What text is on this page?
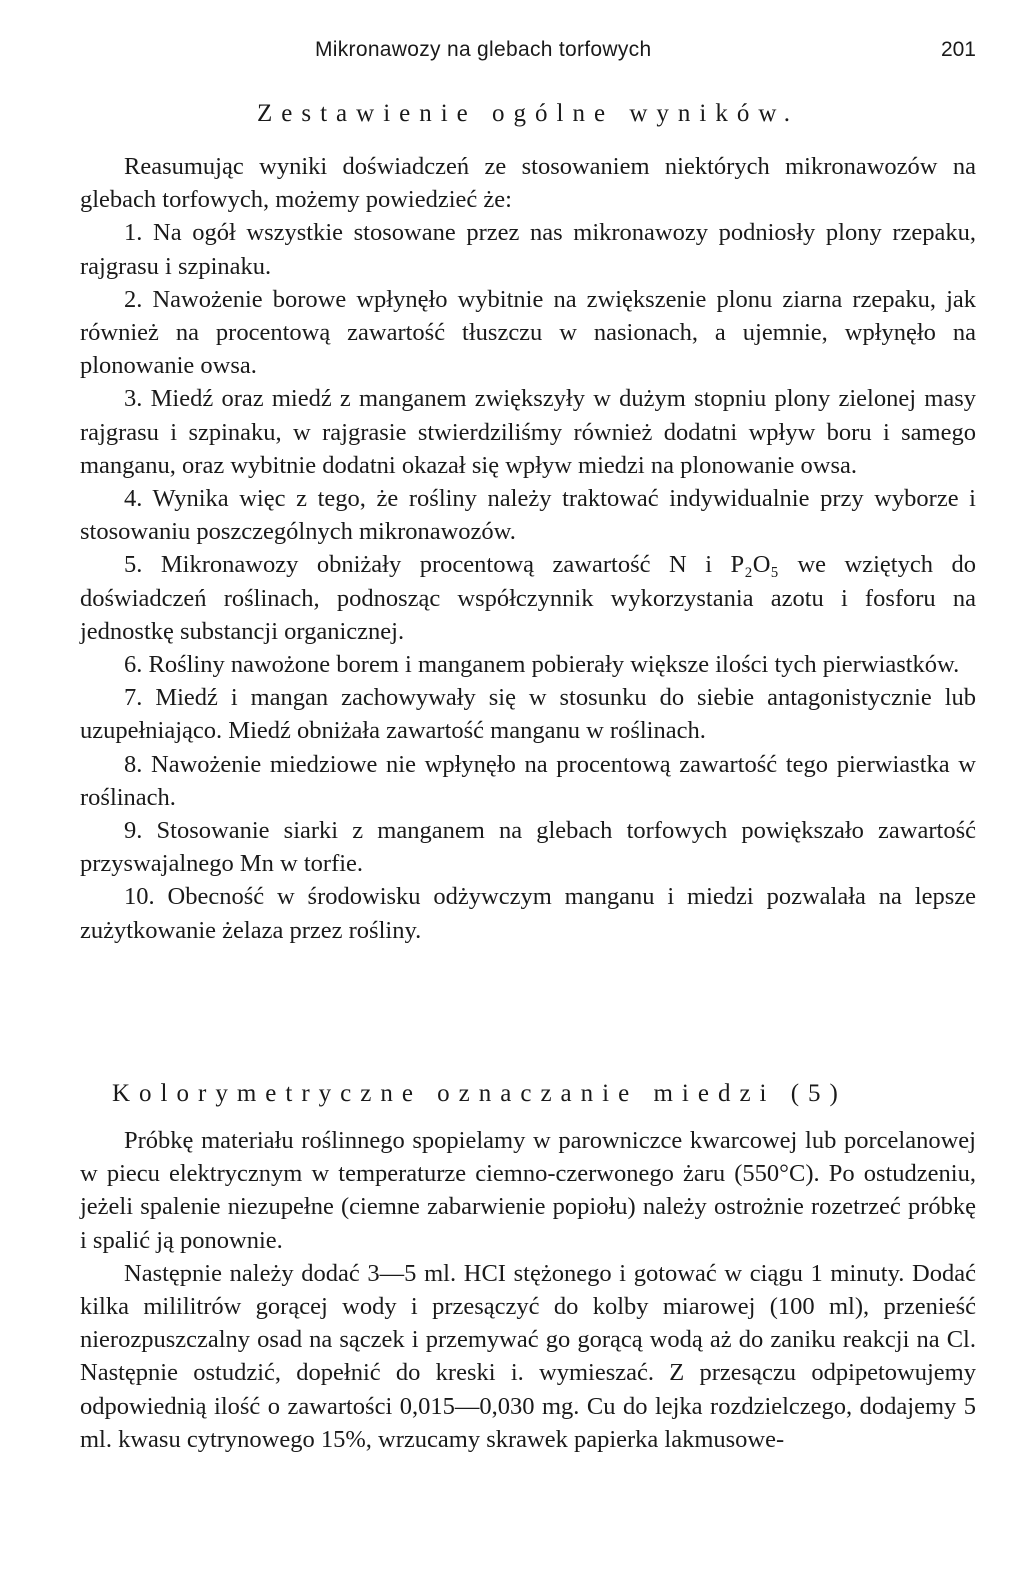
Mikronawozy na glebach torfowych	201
Zestawienie ogólne wyników.

Reasumując wyniki doświadczeń ze stosowaniem niektórych mikronawozów na glebach torfowych, możemy powiedzieć że:

1. Na ogół wszystkie stosowane przez nas mikronawozy podniosły plony rzepaku, rajgrasu i szpinaku.

2. Nawożenie borowe wpłynęło wybitnie na zwiększenie plonu ziarna rzepaku, jak również na procentową zawartość tłuszczu w nasionach, a ujemnie, wpłynęło na plonowanie owsa.

3. Miedź oraz miedź z manganem zwiększyły w dużym stopniu plony zielonej masy rajgrasu i szpinaku, w rajgrasie stwierdziliśmy również dodatni wpływ boru i samego manganu, oraz wybitnie dodatni okazał się wpływ miedzi na plonowanie owsa.

4. Wynika więc z tego, że rośliny należy traktować indywidualnie przy wyborze i stosowaniu poszczególnych mikronawozów.

5. Mikronawozy obniżały procentową zawartość N i P₂O₅ we wziętych do doświadczeń roślinach, podnosząc współczynnik wykorzystania azotu i fosforu na jednostkę substancji organicznej.

6. Rośliny nawożone borem i manganem pobierały większe ilości tych pierwiastków.

7. Miedź i mangan zachowywały się w stosunku do siebie antagonistycznie lub uzupełniająco. Miedź obniżała zawartość manganu w roślinach.

8. Nawożenie miedziowe nie wpłynęło na procentową zawartość tego pierwiastka w roślinach.

9. Stosowanie siarki z manganem na glebach torfowych powiększało zawartość przyswajalnego Mn w torfie.

10. Obecność w środowisku odżywczym manganu i miedzi pozwalała na lepsze zużytkowanie żelaza przez rośliny.

Kolorymetryczne oznaczanie miedzi (5)

Próbkę materiału roślinnego spopielamy w parowniczce kwarcowej lub porcelanowej w piecu elektrycznym w temperaturze ciemno-czerwonego żaru (550°C). Po ostudzeniu, jeżeli spalenie niezupełne (ciemne zabarwienie popiołu) należy ostrożnie rozetrzeć próbkę i spalić ją ponownie.

Następnie należy dodać 3—5 ml. HCI stężonego i gotować w ciągu 1 minuty. Dodać kilka mililitrów gorącej wody i przesączyć do kolby miarowej (100 ml), przenieść nierozpuszczalny osad na sączek i przemywać go gorącą wodą aż do zaniku reakcji na Cl. Następnie ostudzić, dopełnić do kreski i. wymieszać. Z przesączu odpipetowujemy odpowiednią ilość o zawartości 0,015—0,030 mg. Cu do lejka rozdzielczego, dodajemy 5 ml. kwasu cytrynowego 15%, wrzucamy skrawek papierka lakmusowe-
